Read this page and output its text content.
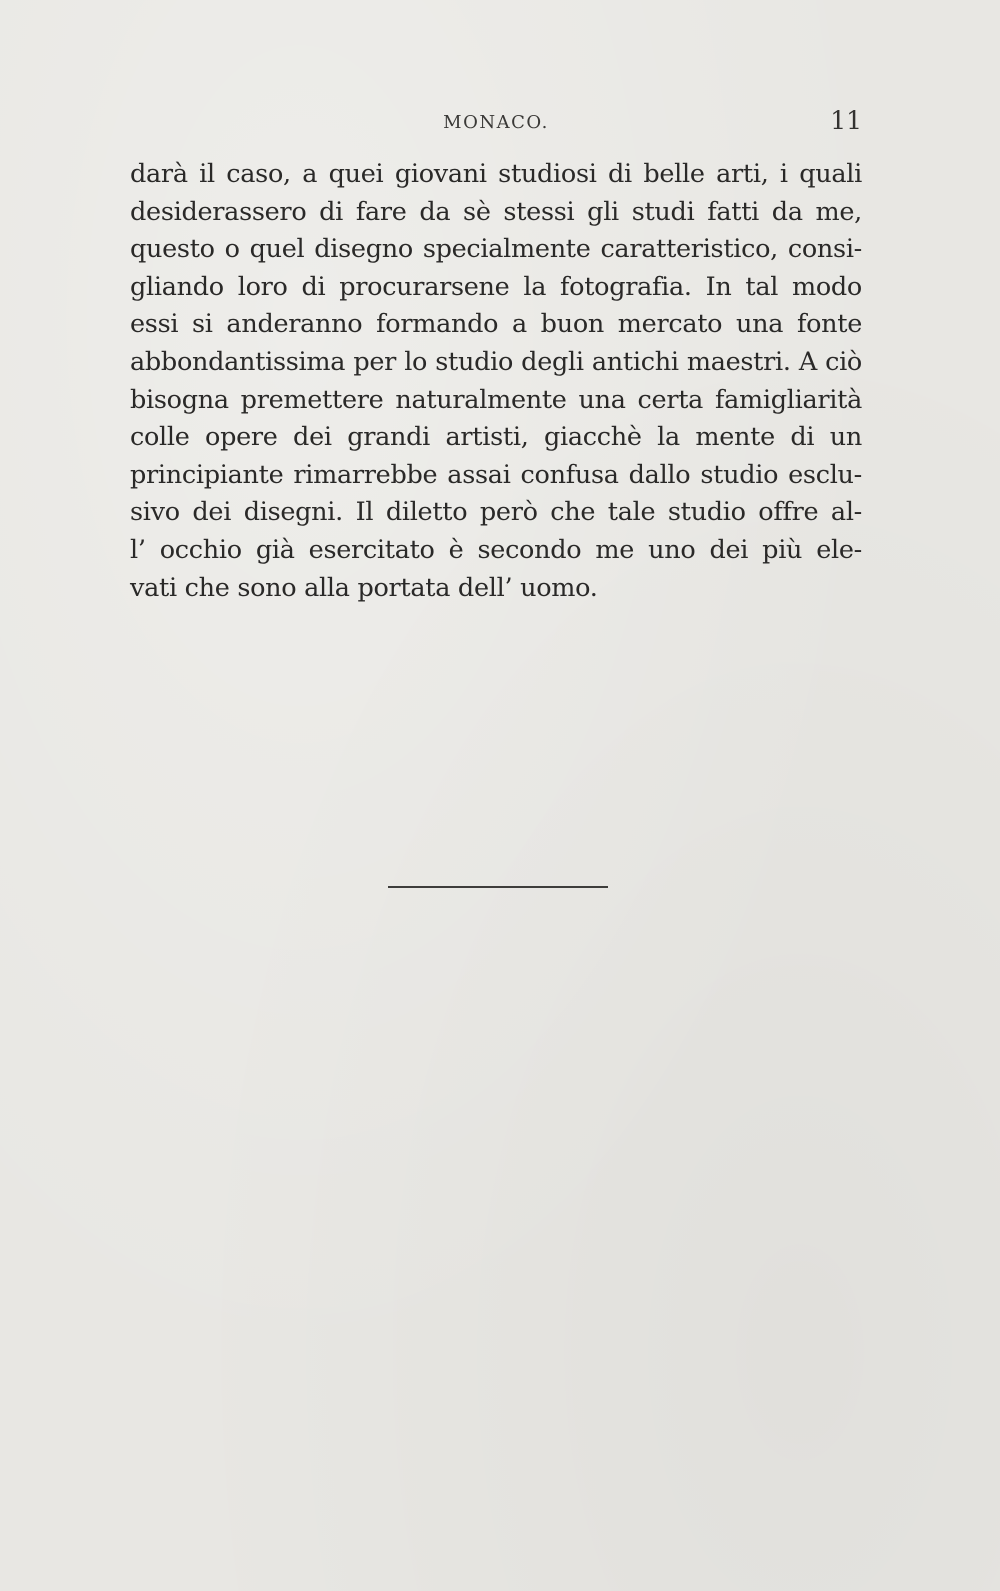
MONACO.	11
darà il caso, a quei giovani studiosi di belle arti, i quali
desiderassero di fare da sè stessi gli studi fatti da me,
questo o quel disegno specialmente caratteristico, consi-
gliando loro di procurarsene la fotografia. In tal modo
essi si anderanno formando a buon mercato una fonte
abbondantissima per lo studio degli antichi maestri. A ciò
bisogna premettere naturalmente una certa famigliarità
colle opere dei grandi artisti, giacchè la mente di un
principiante rimarrebbe assai confusa dallo studio esclu-
sivo dei disegni. Il diletto però che tale studio offre al-
l’ occhio già esercitato è secondo me uno dei più ele-
vati che sono alla portata dell’ uomo.
